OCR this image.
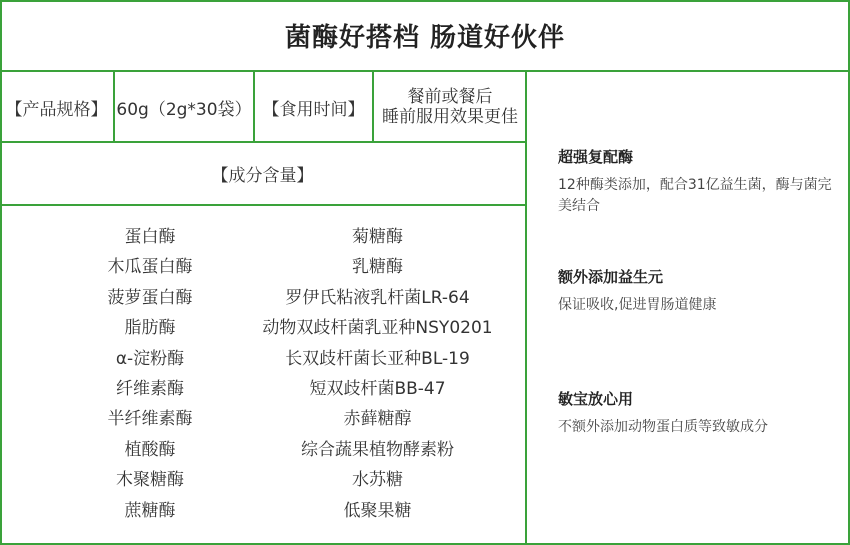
菌酶好搭档 肠道好伙伴
【产品规格】 60g（2g*30袋） 【食用时间】
餐前或餐后
睡前服用效果更佳
【成分含量】
蛋白酶
木瓜蛋白酶
菠萝蛋白酶
脂肪酶
α-淀粉酶
纤维素酶
半纤维素酶
植酸酶
木聚糖酶
蔗糖酶
菊糖酶
乳糖酶
罗伊氏粘液乳杆菌LR-64
动物双歧杆菌乳亚种NSY0201
长双歧杆菌长亚种BL-19
短双歧杆菌BB-47
赤藓糖醇
综合蔬果植物酵素粉
水苏糖
低聚果糖
超强复配酶
12种酶类添加，配合31亿益生菌，酶与菌完美结合
额外添加益生元
保证吸收,促进胃肠道健康
敏宝放心用
不额外添加动物蛋白质等致敏成分
